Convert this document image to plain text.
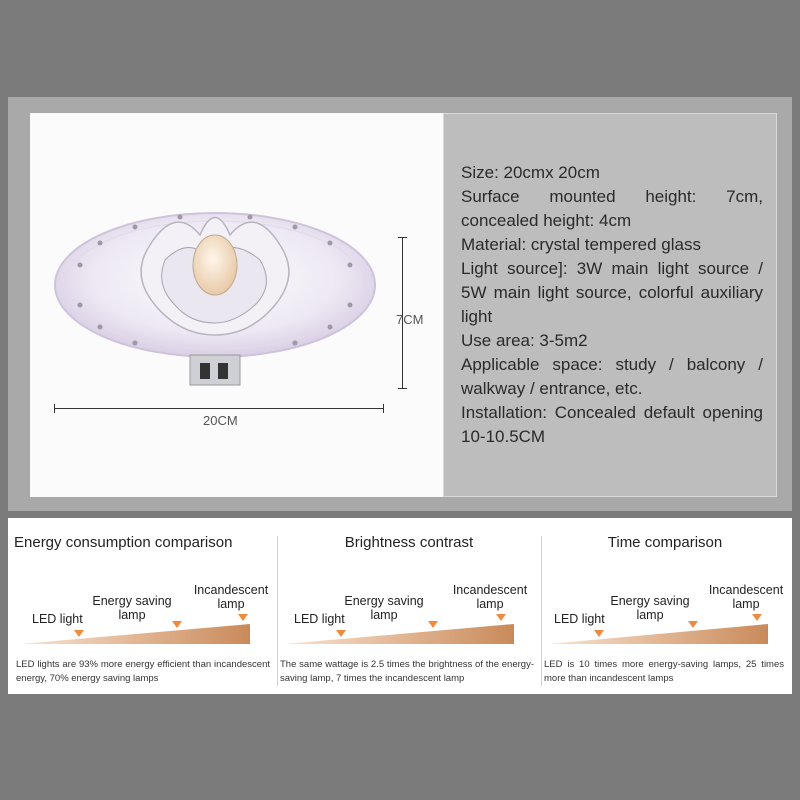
20CM
7CM
Size: 20cmx 20cm
Surface mounted height: 7cm, concealed height: 4cm
Material: crystal tempered glass
Light source]: 3W main light source / 5W main light source, colorful auxiliary light
Use area: 3-5m2
Applicable space: study / balcony / walkway / entrance, etc.
Installation: Concealed default opening 10-10.5CM
Energy consumption comparison
LED light
Energy saving lamp
Incandescent lamp
LED lights are 93% more energy efficient than incandescent energy, 70% energy saving lamps
Brightness contrast
LED light
Energy saving lamp
Incandescent lamp
The same wattage is 2.5 times the brightness of the energy-saving lamp, 7 times the incandescent lamp
Time comparison
LED light
Energy saving lamp
Incandescent lamp
LED is 10 times more energy-saving lamps, 25 times more than incandescent lamps
